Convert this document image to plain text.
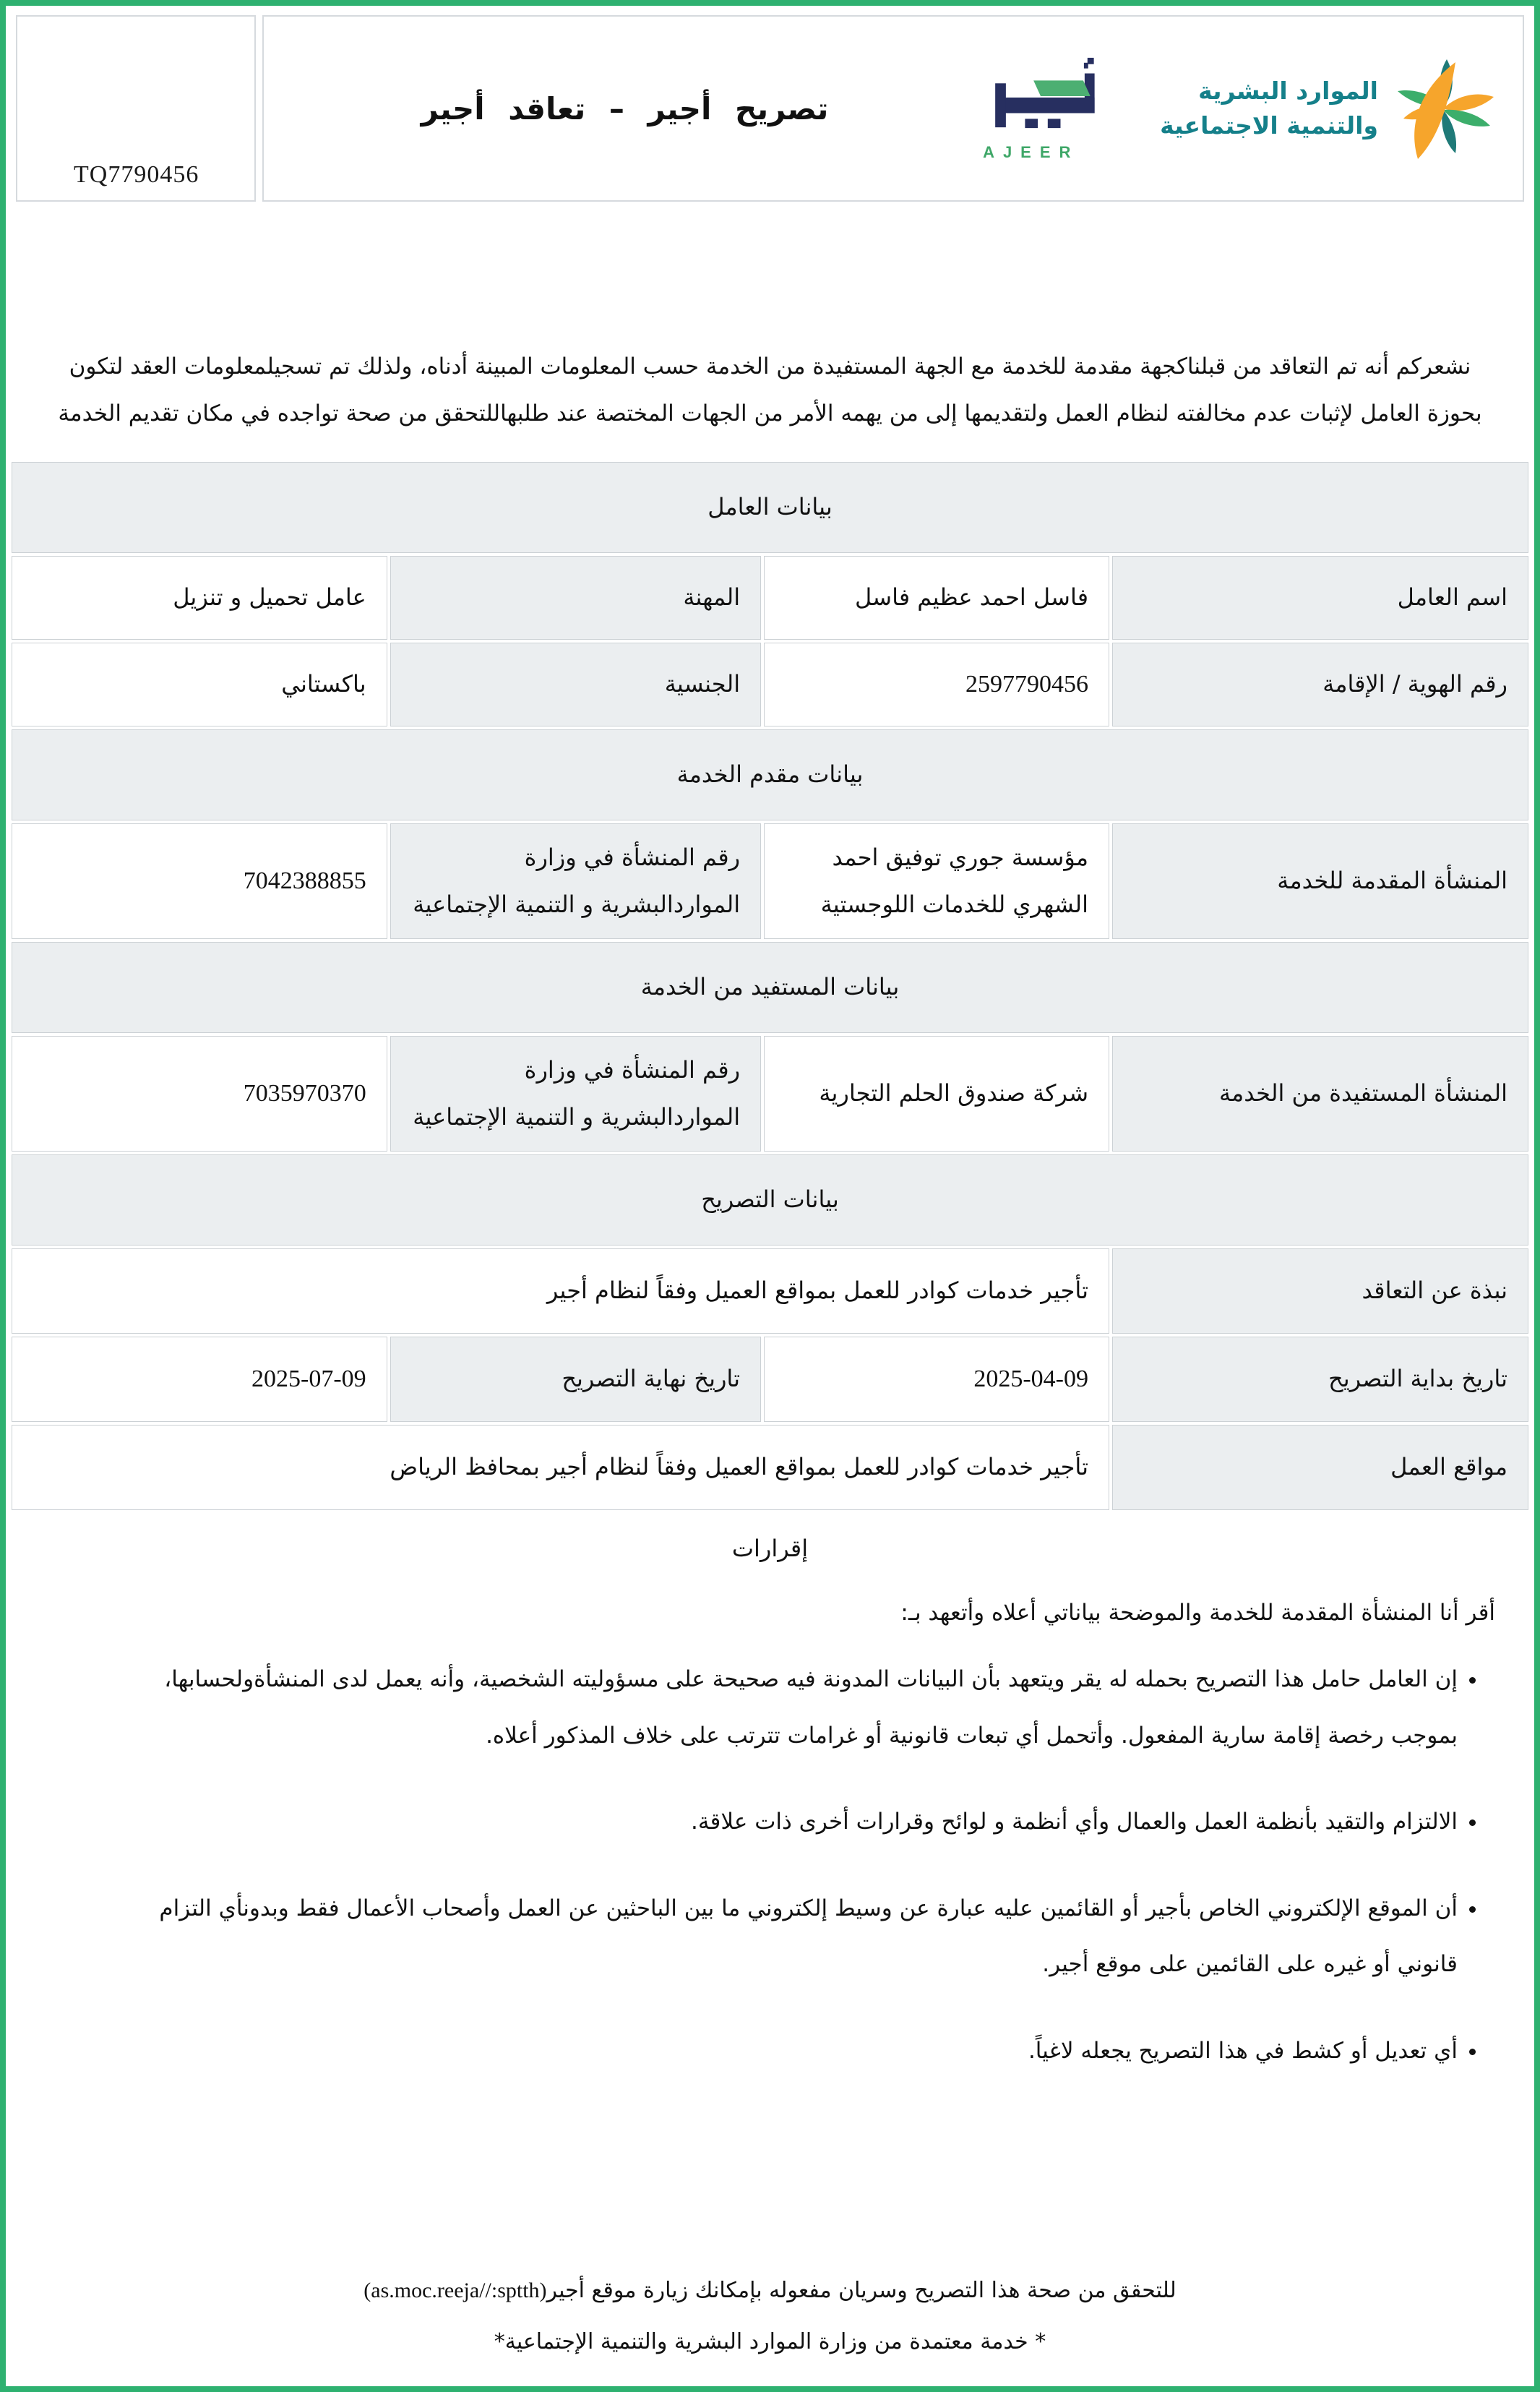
TQ7790456
تصريح أجير – تعاقد أجير
AJEER
الموارد البشرية
والتنمية الاجتماعية

نشعركم أنه تم التعاقد من قبلناكجهة مقدمة للخدمة مع الجهة المستفيدة من الخدمة حسب المعلومات المبينة أدناه، ولذلك تم تسجيلمعلومات العقد لتكون بحوزة العامل لإثبات عدم مخالفته لنظام العمل ولتقديمها إلى من يهمه الأمر من الجهات المختصة عند طلبهاللتحقق من صحة تواجده في مكان تقديم الخدمة

بيانات العامل			
اسم العامل	فاسل احمد عظيم فاسل	المهنة	عامل تحميل و تنزيل
رقم الهوية / الإقامة	2597790456	الجنسية	باكستاني
بيانات مقدم الخدمة			
المنشأة المقدمة للخدمة	مؤسسة جوري توفيق احمد الشهري للخدمات اللوجستية	رقم المنشأة في وزارة المواردالبشرية و التنمية الإجتماعية	7042388855
بيانات المستفيد من الخدمة			
المنشأة المستفيدة من الخدمة	شركة صندوق الحلم التجارية	رقم المنشأة في وزارة المواردالبشرية و التنمية الإجتماعية	7035970370
بيانات التصريح			
نبذة عن التعاقد	تأجير خدمات كوادر للعمل بمواقع العميل وفقاً لنظام أجير		
تاريخ بداية التصريح	2025-04-09	تاريخ نهاية التصريح	2025-07-09
مواقع العمل	تأجير خدمات كوادر للعمل بمواقع العميل وفقاً لنظام أجير بمحافظ الرياض		
إقرارات

أقر أنا المنشأة المقدمة للخدمة والموضحة بياناتي أعلاه وأتعهد بـ:

• إن العامل حامل هذا التصريح بحمله له يقر ويتعهد بأن البيانات المدونة فيه صحيحة على مسؤوليته الشخصية، وأنه يعمل لدى المنشأةولحسابها، بموجب رخصة إقامة سارية المفعول. وأتحمل أي تبعات قانونية أو غرامات تترتب على خلاف المذكور أعلاه.
• الالتزام والتقيد بأنظمة العمل والعمال وأي أنظمة و لوائح وقرارات أخرى ذات علاقة.
• أن الموقع الإلكتروني الخاص بأجير أو القائمين عليه عبارة عن وسيط إلكتروني ما بين الباحثين عن العمل وأصحاب الأعمال فقط وبدونأي التزام قانوني أو غيره على القائمين على موقع أجير.
• أي تعديل أو كشط في هذا التصريح يجعله لاغياً.
للتحقق من صحة هذا التصريح وسريان مفعوله بإمكانك زيارة موقع أجير(as.moc.reeja//:sptth)
* خدمة معتمدة من وزارة الموارد البشرية والتنمية الإجتماعية*
